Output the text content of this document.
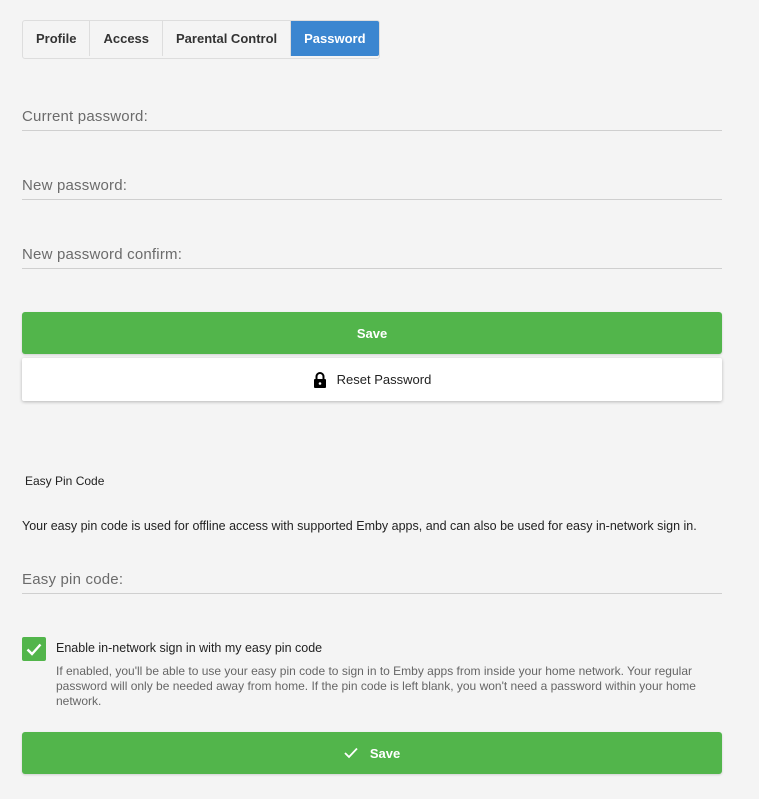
Profile	Access	Parental Control	Password
Current password:
New password:
New password confirm:
Save
Reset Password
Easy Pin Code
Your easy pin code is used for offline access with supported Emby apps, and can also be used for easy in-network sign in.
Easy pin code:
Enable in-network sign in with my easy pin code
If enabled, you'll be able to use your easy pin code to sign in to Emby apps from inside your home network. Your regular password will only be needed away from home. If the pin code is left blank, you won't need a password within your home network.
Save
